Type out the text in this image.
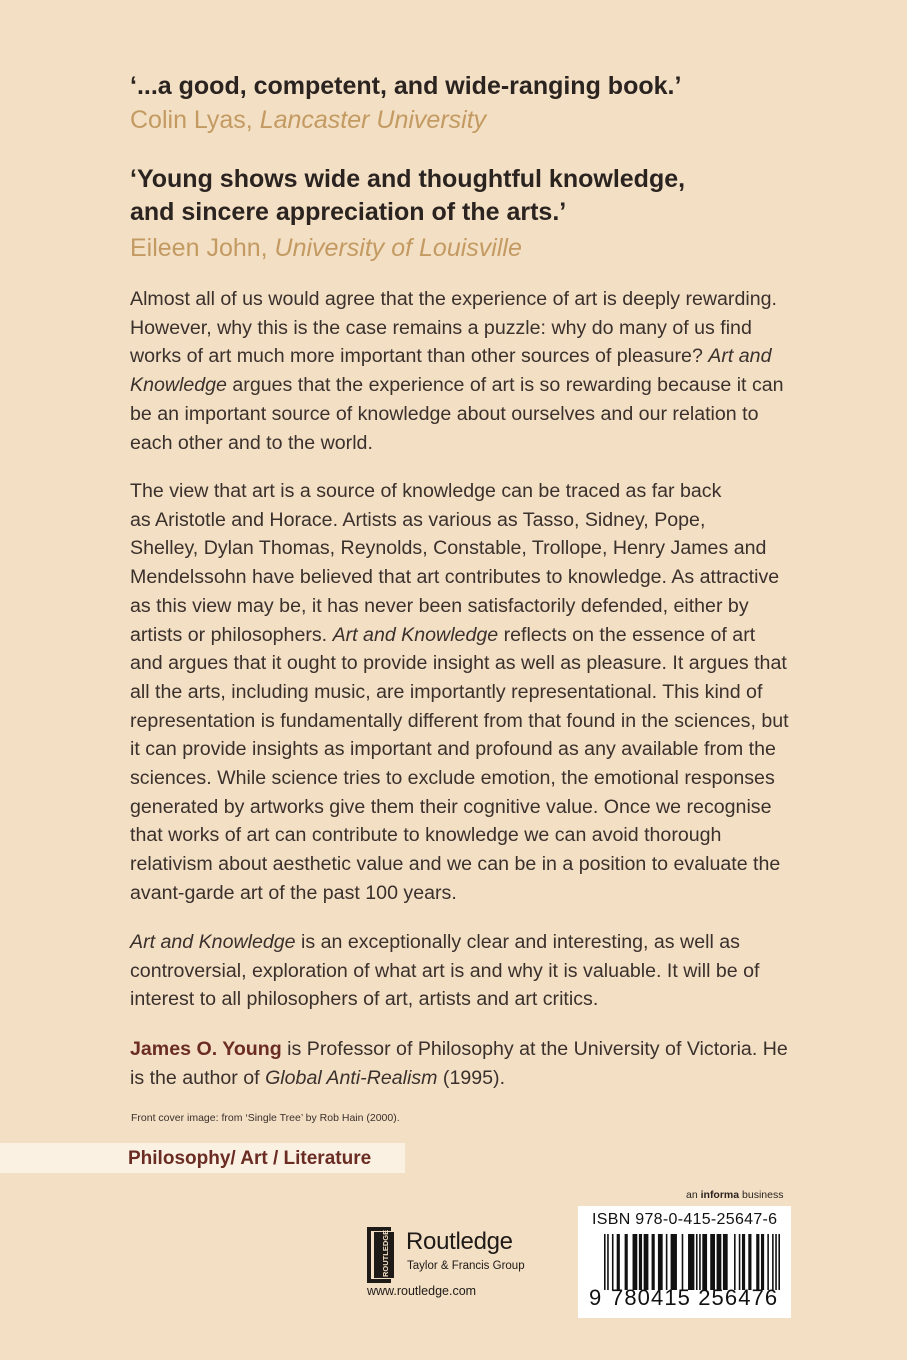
‘...a good, competent, and wide-ranging book.’
Colin Lyas, Lancaster University
‘Young shows wide and thoughtful knowledge,
and sincere appreciation of the arts.’
Eileen John, University of Louisville
Almost all of us would agree that the experience of art is deeply rewarding.
However, why this is the case remains a puzzle: why do many of us find
works of art much more important than other sources of pleasure? Art and
Knowledge argues that the experience of art is so rewarding because it can
be an important source of knowledge about ourselves and our relation to
each other and to the world.
The view that art is a source of knowledge can be traced as far back
as Aristotle and Horace. Artists as various as Tasso, Sidney, Pope,
Shelley, Dylan Thomas, Reynolds, Constable, Trollope, Henry James and
Mendelssohn have believed that art contributes to knowledge. As attractive
as this view may be, it has never been satisfactorily defended, either by
artists or philosophers. Art and Knowledge reflects on the essence of art
and argues that it ought to provide insight as well as pleasure. It argues that
all the arts, including music, are importantly representational. This kind of
representation is fundamentally different from that found in the sciences, but
it can provide insights as important and profound as any available from the
sciences. While science tries to exclude emotion, the emotional responses
generated by artworks give them their cognitive value. Once we recognise
that works of art can contribute to knowledge we can avoid thorough
relativism about aesthetic value and we can be in a position to evaluate the
avant-garde art of the past 100 years.
Art and Knowledge is an exceptionally clear and interesting, as well as
controversial, exploration of what art is and why it is valuable. It will be of
interest to all philosophers of art, artists and art critics.
James O. Young is Professor of Philosophy at the University of Victoria. He
is the author of Global Anti-Realism (1995).
Front cover image: from ‘Single Tree’ by Rob Hain (2000).
Philosophy/ Art / Literature
an informa business
ROUTLEDGE Routledge
Taylor & Francis Group
www.routledge.com
ISBN 978-0-415-25647-6
9 780415 256476
